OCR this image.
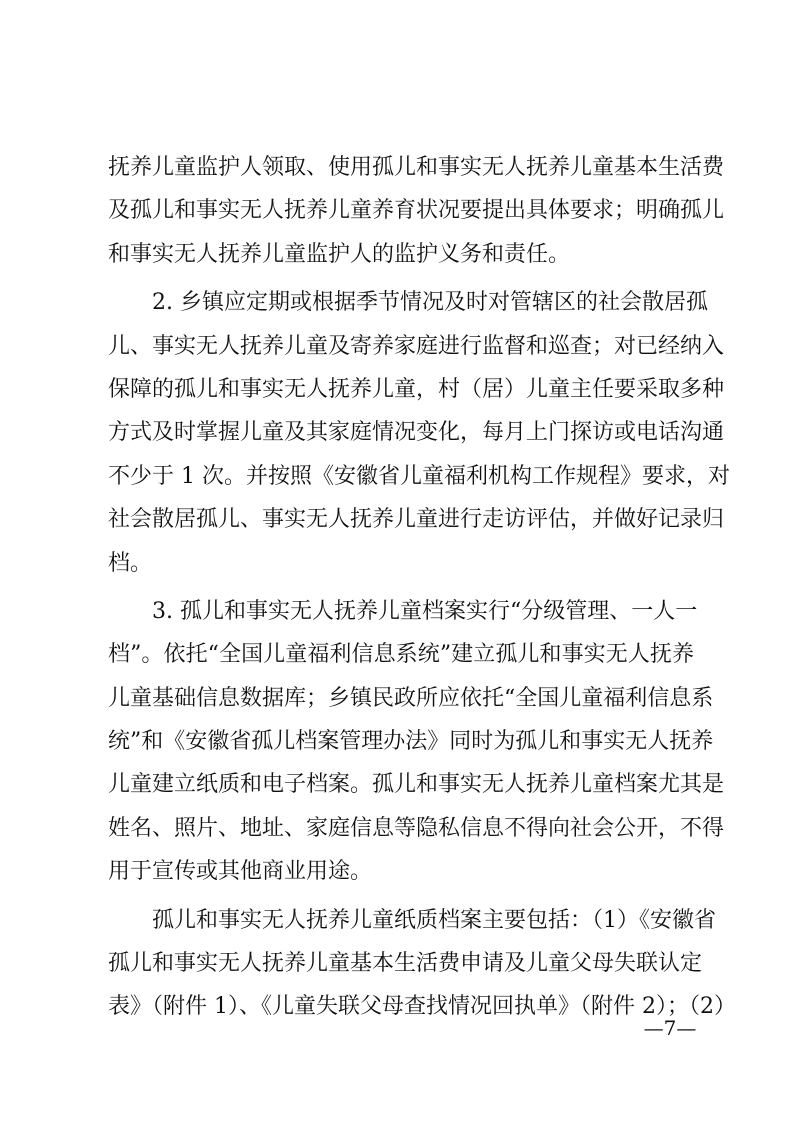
抚养儿童监护人领取、使用孤儿和事实无人抚养儿童基本生活费
及孤儿和事实无人抚养儿童养育状况要提出具体要求；明确孤儿
和事实无人抚养儿童监护人的监护义务和责任。
2. 乡镇应定期或根据季节情况及时对管辖区的社会散居孤
儿、事实无人抚养儿童及寄养家庭进行监督和巡查；对已经纳入
保障的孤儿和事实无人抚养儿童，村（居）儿童主任要采取多种
方式及时掌握儿童及其家庭情况变化，每月上门探访或电话沟通
不少于 1 次。并按照《安徽省儿童福利机构工作规程》要求，对
社会散居孤儿、事实无人抚养儿童进行走访评估，并做好记录归
档。
3. 孤儿和事实无人抚养儿童档案实行“分级管理、一人一
档”。依托“全国儿童福利信息系统”建立孤儿和事实无人抚养
儿童基础信息数据库；乡镇民政所应依托“全国儿童福利信息系
统”和《安徽省孤儿档案管理办法》同时为孤儿和事实无人抚养
儿童建立纸质和电子档案。孤儿和事实无人抚养儿童档案尤其是
姓名、照片、地址、家庭信息等隐私信息不得向社会公开，不得
用于宣传或其他商业用途。
孤儿和事实无人抚养儿童纸质档案主要包括：（1）《安徽省
孤儿和事实无人抚养儿童基本生活费申请及儿童父母失联认定
表》（附件 1）、《儿童失联父母查找情况回执单》（附件 2）；（2）
—7—
